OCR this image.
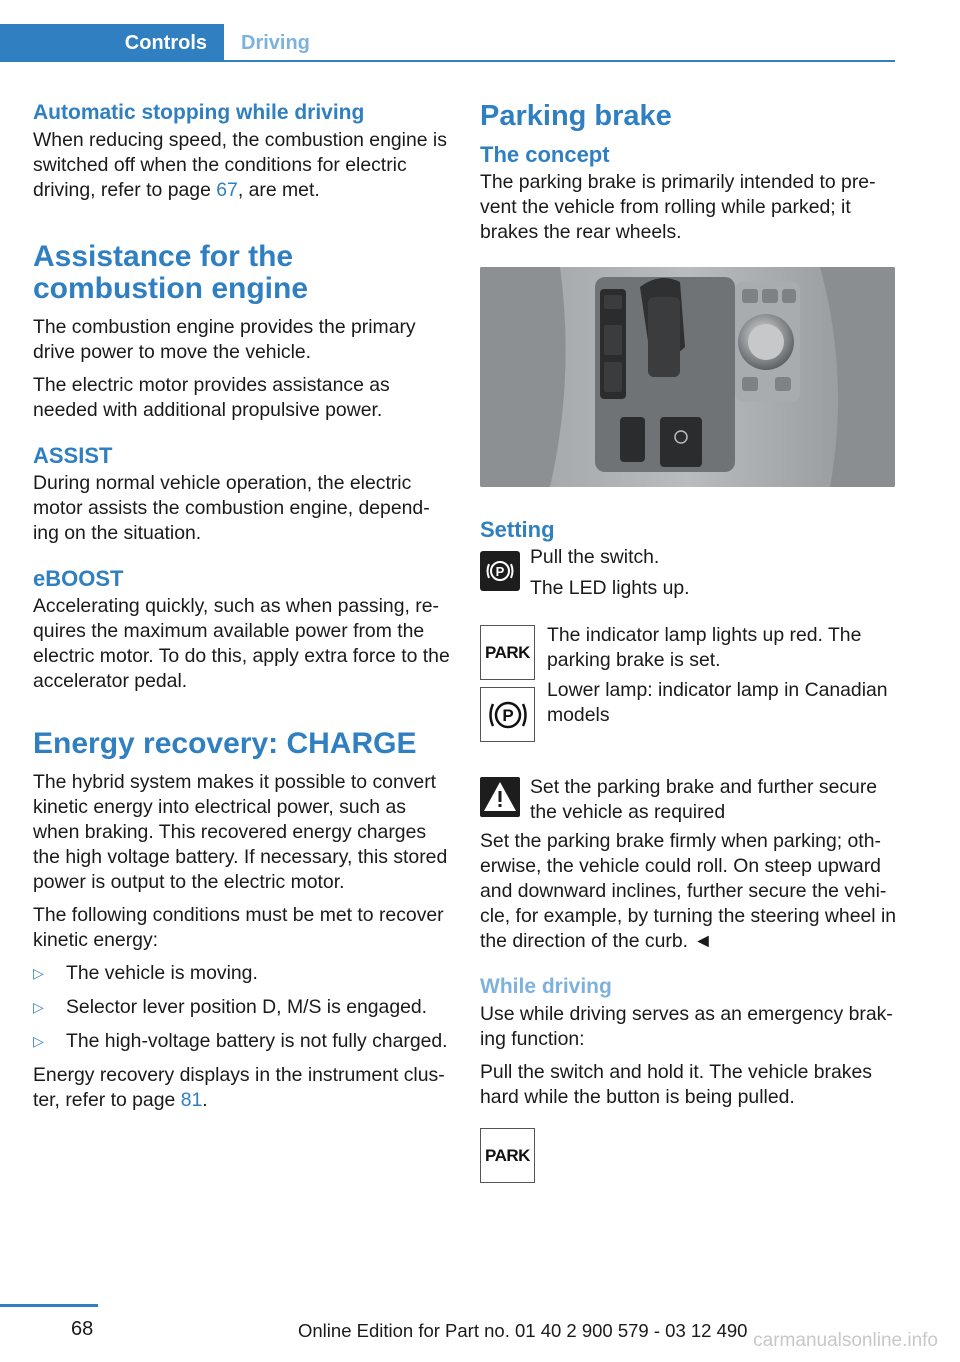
Controls	Driving
Automatic stopping while driving

When reducing speed, the combustion engine is switched off when the conditions for electric driving, refer to page 67, are met.

Assistance for the combustion engine

The combustion engine provides the primary drive power to move the vehicle.

The electric motor provides assistance as needed with additional propulsive power.

ASSIST

During normal vehicle operation, the electric motor assists the combustion engine, depend‐ ing on the situation.

eBOOST

Accelerating quickly, such as when passing, re‐ quires the maximum available power from the electric motor. To do this, apply extra force to the accelerator pedal.

Energy recovery: CHARGE

The hybrid system makes it possible to convert kinetic energy into electrical power, such as when braking. This recovered energy charges the high voltage battery. If necessary, this stored power is output to the electric motor.

The following conditions must be met to recover kinetic energy:

▷ The vehicle is moving.
▷ Selector lever position D, M/S is engaged.
▷ The high-voltage battery is not fully charged.

Energy recovery displays in the instrument clus‐ ter, refer to page 81.

Parking brake
The concept

The parking brake is primarily intended to pre‐ vent the vehicle from rolling while parked; it brakes the rear wheels.

Setting
P

Pull the switch.

The LED lights up.

PARK
P

The indicator lamp lights up red. The parking brake is set.

Lower lamp: indicator lamp in Canadian models

Set the parking brake and further secure the vehicle as required

Set the parking brake firmly when parking; oth‐ erwise, the vehicle could roll. On steep upward and downward inclines, further secure the vehi‐ cle, for example, by turning the steering wheel in the direction of the curb. ◄

While driving

Use while driving serves as an emergency brak‐ ing function:

Pull the switch and hold it. The vehicle brakes hard while the button is being pulled.

PARK
68	Online Edition for Part no. 01 40 2 900 579 - 03 12 490 carmanualsonline.info
